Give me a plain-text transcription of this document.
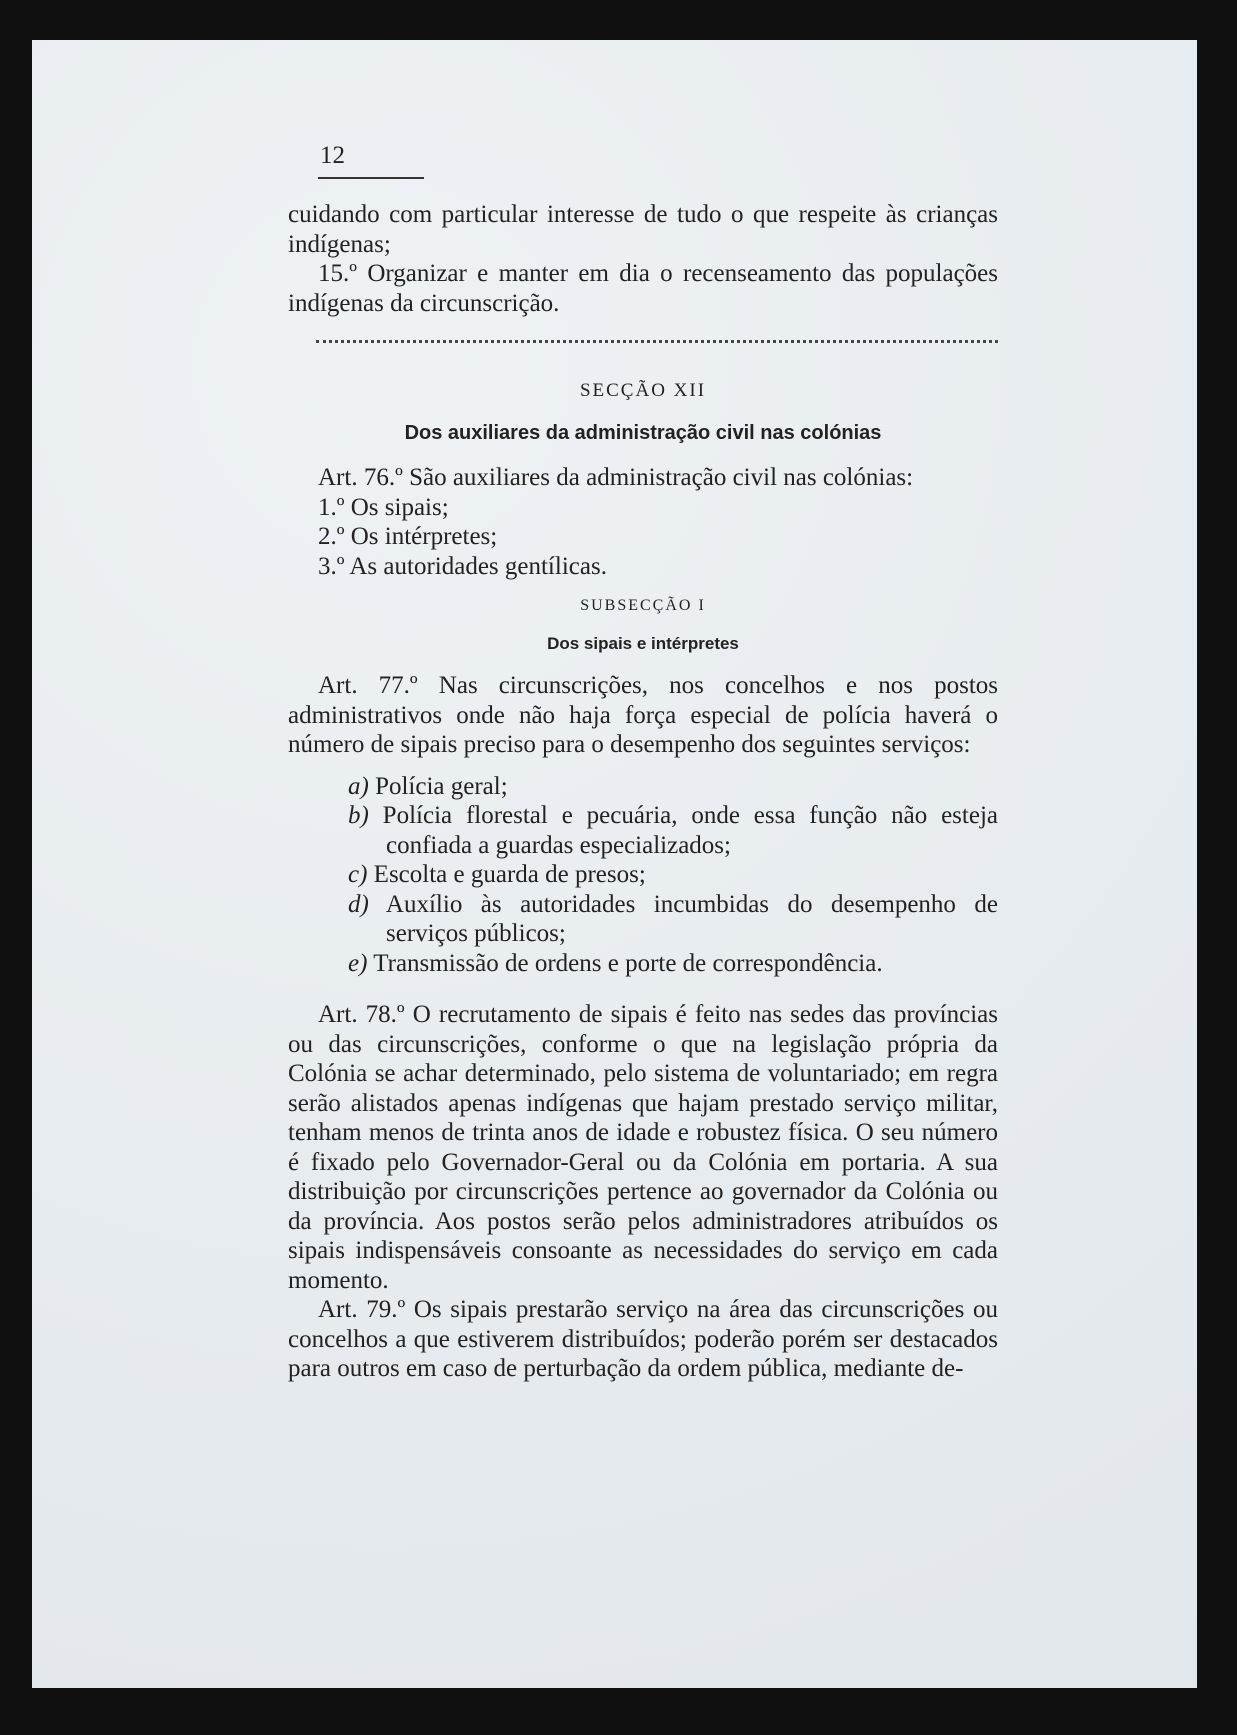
12

cuidando com particular interesse de tudo o que respeite às crianças indígenas;

15.º Organizar e manter em dia o recenseamento das populações indígenas da circunscrição.

SECÇÃO XII

Dos auxiliares da administração civil nas colónias

Art. 76.º São auxiliares da administração civil nas colónias:

1.º Os sipais;

2.º Os intérpretes;

3.º As autoridades gentílicas.

SUBSECÇÃO I

Dos sipais e intérpretes

Art. 77.º Nas circunscrições, nos concelhos e nos postos administrativos onde não haja força especial de polícia haverá o número de sipais preciso para o desempenho dos seguintes serviços:

a) Polícia geral;

b) Polícia florestal e pecuária, onde essa função não esteja confiada a guardas especializados;

c) Escolta e guarda de presos;

d) Auxílio às autoridades incumbidas do desempenho de serviços públicos;

e) Transmissão de ordens e porte de correspondência.

Art. 78.º O recrutamento de sipais é feito nas sedes das províncias ou das circunscrições, conforme o que na legislação própria da Colónia se achar determinado, pelo sistema de voluntariado; em regra serão alistados apenas indígenas que hajam prestado serviço militar, tenham menos de trinta anos de idade e robustez física. O seu número é fixado pelo Governador-Geral ou da Colónia em portaria. A sua distribuição por circunscrições pertence ao governador da Colónia ou da província. Aos postos serão pelos administradores atribuídos os sipais indispensáveis consoante as necessidades do serviço em cada momento.

Art. 79.º Os sipais prestarão serviço na área das circunscrições ou concelhos a que estiverem distribuídos; poderão porém ser destacados para outros em caso de perturbação da ordem pública, mediante de-
